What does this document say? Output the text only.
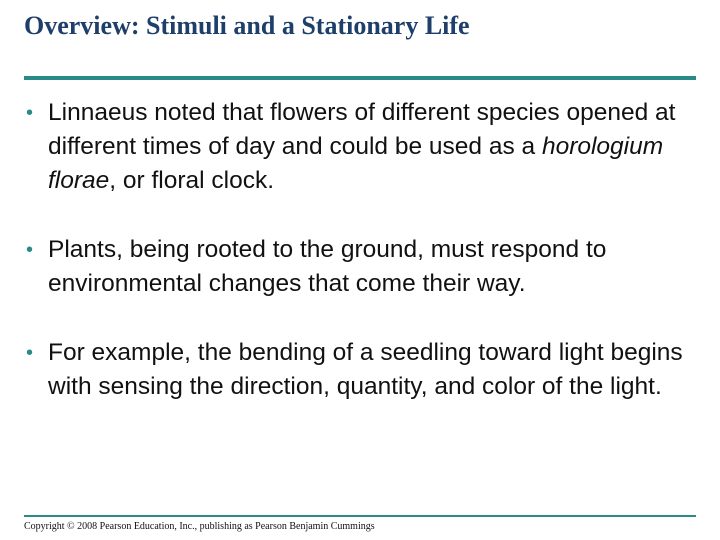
Overview: Stimuli and a Stationary Life
• Linnaeus noted that flowers of different species opened at different times of day and could be used as a horologium florae, or floral clock.
• Plants, being rooted to the ground, must respond to environmental changes that come their way.
• For example, the bending of a seedling toward light begins with sensing the direction, quantity, and color of the light.
Copyright © 2008 Pearson Education, Inc., publishing as Pearson Benjamin Cummings
